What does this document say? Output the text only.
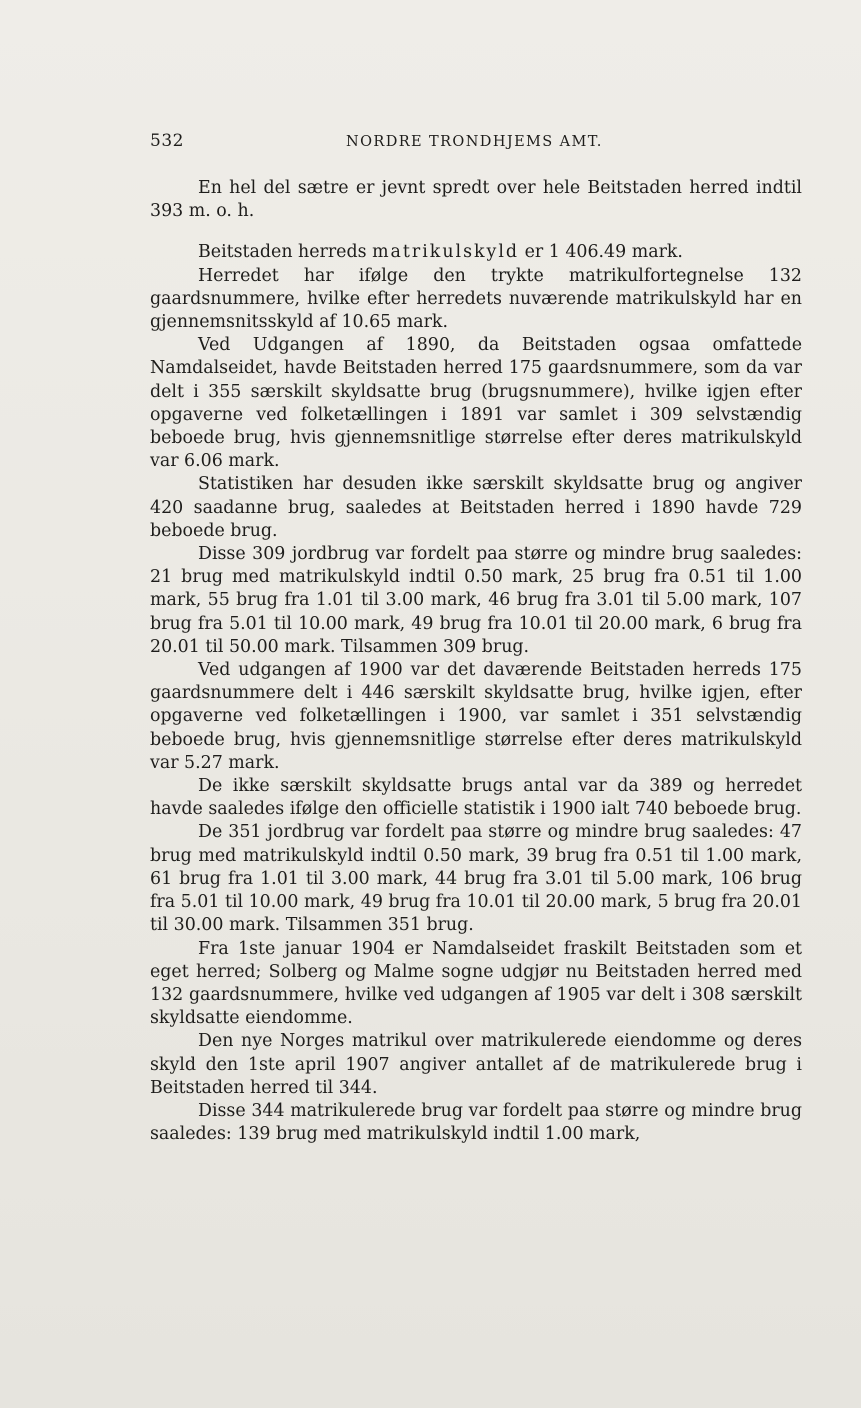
532	NORDRE TRONDHJEMS AMT.

En hel del sætre er jevnt spredt over hele Beitstaden herred indtil 393 m. o. h.

Beitstaden herreds matrikulskyld er 1 406.49 mark.

Herredet har ifølge den trykte matrikulfortegnelse 132 gaardsnummere, hvilke efter herredets nuværende matrikulskyld har en gjennemsnitsskyld af 10.65 mark.

Ved Udgangen af 1890, da Beitstaden ogsaa omfattede Namdalseidet, havde Beitstaden herred 175 gaardsnummere, som da var delt i 355 særskilt skyldsatte brug (brugsnummere), hvilke igjen efter opgaverne ved folketællingen i 1891 var samlet i 309 selvstændig beboede brug, hvis gjennemsnitlige størrelse efter deres matrikulskyld var 6.06 mark.

Statistiken har desuden ikke særskilt skyldsatte brug og angiver 420 saadanne brug, saaledes at Beitstaden herred i 1890 havde 729 beboede brug.

Disse 309 jordbrug var fordelt paa større og mindre brug saaledes: 21 brug med matrikulskyld indtil 0.50 mark, 25 brug fra 0.51 til 1.00 mark, 55 brug fra 1.01 til 3.00 mark, 46 brug fra 3.01 til 5.00 mark, 107 brug fra 5.01 til 10.00 mark, 49 brug fra 10.01 til 20.00 mark, 6 brug fra 20.01 til 50.00 mark. Tilsammen 309 brug.

Ved udgangen af 1900 var det daværende Beitstaden herreds 175 gaardsnummere delt i 446 særskilt skyldsatte brug, hvilke igjen, efter opgaverne ved folketællingen i 1900, var samlet i 351 selvstændig beboede brug, hvis gjennemsnitlige størrelse efter deres matrikulskyld var 5.27 mark.

De ikke særskilt skyldsatte brugs antal var da 389 og herredet havde saaledes ifølge den officielle statistik i 1900 ialt 740 beboede brug.

De 351 jordbrug var fordelt paa større og mindre brug saaledes: 47 brug med matrikulskyld indtil 0.50 mark, 39 brug fra 0.51 til 1.00 mark, 61 brug fra 1.01 til 3.00 mark, 44 brug fra 3.01 til 5.00 mark, 106 brug fra 5.01 til 10.00 mark, 49 brug fra 10.01 til 20.00 mark, 5 brug fra 20.01 til 30.00 mark. Tilsammen 351 brug.

Fra 1ste januar 1904 er Namdalseidet fraskilt Beitstaden som et eget herred; Solberg og Malme sogne udgjør nu Beitstaden herred med 132 gaardsnummere, hvilke ved udgangen af 1905 var delt i 308 særskilt skyldsatte eiendomme.

Den nye Norges matrikul over matrikulerede eiendomme og deres skyld den 1ste april 1907 angiver antallet af de matrikulerede brug i Beitstaden herred til 344.

Disse 344 matrikulerede brug var fordelt paa større og mindre brug saaledes: 139 brug med matrikulskyld indtil 1.00 mark,
